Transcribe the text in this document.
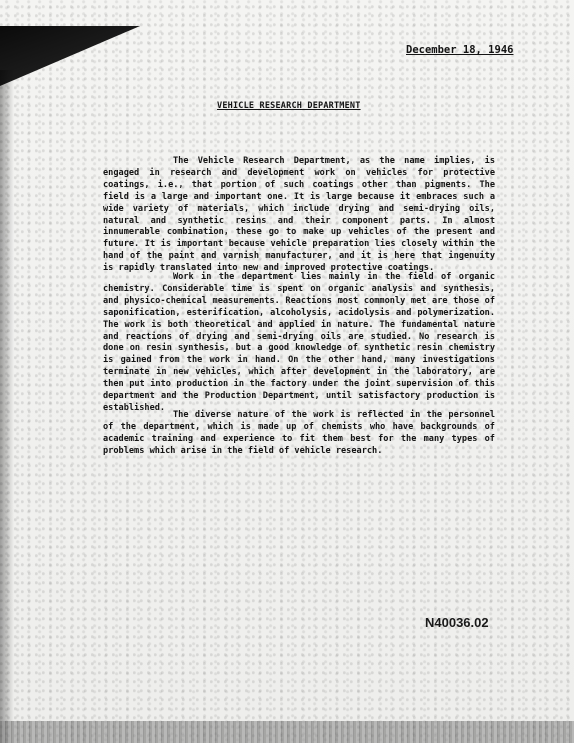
December 18, 1946
VEHICLE RESEARCH DEPARTMENT

The Vehicle Research Department, as the name implies, is engaged in research and development work on vehicles for protective coatings, i.e., that portion of such coatings other than pigments. The field is a large and important one. It is large because it embraces such a wide variety of materials, which include drying and semi-drying oils, natural and synthetic resins and their component parts. In almost innumerable combination, these go to make up vehicles of the present and future. It is important because vehicle preparation lies closely within the hand of the paint and varnish manufacturer, and it is here that ingenuity is rapidly translated into new and improved protective coatings.

Work in the department lies mainly in the field of organic chemistry. Considerable time is spent on organic analysis and synthesis, and physico-chemical measurements. Reactions most commonly met are those of saponification, esterification, alcoholysis, acidolysis and polymerization. The work is both theoretical and applied in nature. The fundamental nature and reactions of drying and semi-drying oils are studied. No research is done on resin synthesis, but a good knowledge of synthetic resin chemistry is gained from the work in hand. On the other hand, many investigations terminate in new vehicles, which after development in the laboratory, are then put into production in the factory under the joint supervision of this department and the Production Department, until satisfactory production is established.

The diverse nature of the work is reflected in the personnel of the department, which is made up of chemists who have backgrounds of academic training and experience to fit them best for the many types of problems which arise in the field of vehicle research.

N40036.02
